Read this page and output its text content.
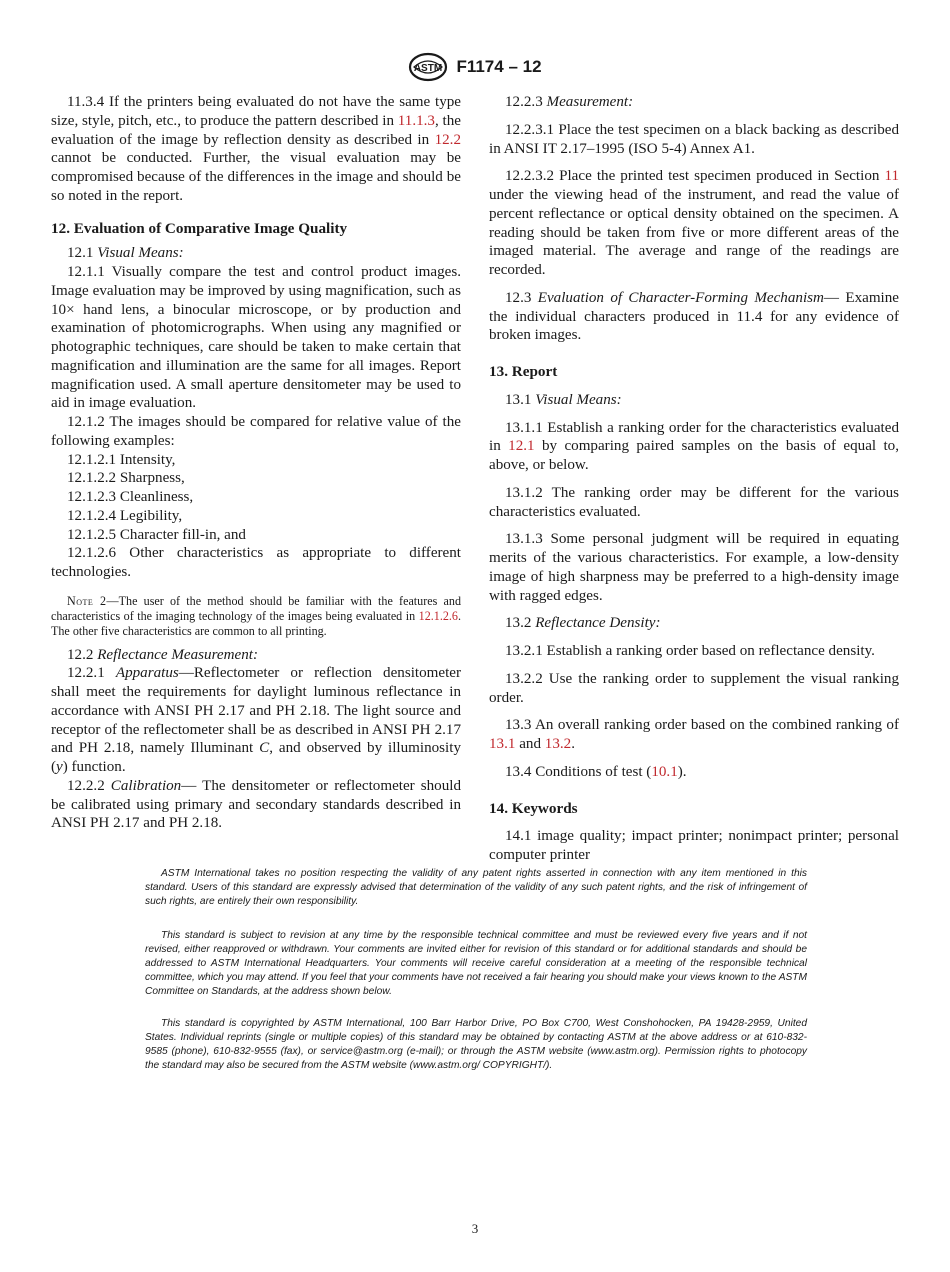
ASTM F1174 – 12

11.3.4 If the printers being evaluated do not have the same type size, style, pitch, etc., to produce the pattern described in 11.1.3, the evaluation of the image by reflection density as described in 12.2 cannot be conducted. Further, the visual evaluation may be compromised because of the differences in the image and should be so noted in the report.

12. Evaluation of Comparative Image Quality

12.1 Visual Means:

12.1.1 Visually compare the test and control product images. Image evaluation may be improved by using magnification, such as 10× hand lens, a binocular microscope, or by production and examination of photomicrographs. When using any magnified or photographic techniques, care should be taken to make certain that magnification and illumination are the same for all images. Report magnification used. A small aperture densitometer may be used to aid in image evaluation.

12.1.2 The images should be compared for relative value of the following examples:

12.1.2.1 Intensity,

12.1.2.2 Sharpness,

12.1.2.3 Cleanliness,

12.1.2.4 Legibility,

12.1.2.5 Character fill-in, and

12.1.2.6 Other characteristics as appropriate to different technologies.

Note 2—The user of the method should be familiar with the features and characteristics of the imaging technology of the images being evaluated in 12.1.2.6. The other five characteristics are common to all printing.

12.2 Reflectance Measurement:

12.2.1 Apparatus—Reflectometer or reflection densitometer shall meet the requirements for daylight luminous reflectance in accordance with ANSI PH 2.17 and PH 2.18. The light source and receptor of the reflectometer shall be as described in ANSI PH 2.17 and PH 2.18, namely Illuminant C, and observed by illuminosity (y) function.

12.2.2 Calibration— The densitometer or reflectometer should be calibrated using primary and secondary standards described in ANSI PH 2.17 and PH 2.18.

12.2.3 Measurement:

12.2.3.1 Place the test specimen on a black backing as described in ANSI IT 2.17–1995 (ISO 5-4) Annex A1.

12.2.3.2 Place the printed test specimen produced in Section 11 under the viewing head of the instrument, and read the value of percent reflectance or optical density obtained on the specimen. A reading should be taken from five or more different areas of the imaged material. The average and range of the readings are recorded.

12.3 Evaluation of Character-Forming Mechanism— Examine the individual characters produced in 11.4 for any evidence of broken images.

13. Report

13.1 Visual Means:

13.1.1 Establish a ranking order for the characteristics evaluated in 12.1 by comparing paired samples on the basis of equal to, above, or below.

13.1.2 The ranking order may be different for the various characteristics evaluated.

13.1.3 Some personal judgment will be required in equating merits of the various characteristics. For example, a low-density image of high sharpness may be preferred to a high-density image with ragged edges.

13.2 Reflectance Density:

13.2.1 Establish a ranking order based on reflectance density.

13.2.2 Use the ranking order to supplement the visual ranking order.

13.3 An overall ranking order based on the combined ranking of 13.1 and 13.2.

13.4 Conditions of test (10.1).

14. Keywords

14.1 image quality; impact printer; nonimpact printer; personal computer printer

ASTM International takes no position respecting the validity of any patent rights asserted in connection with any item mentioned in this standard. Users of this standard are expressly advised that determination of the validity of any such patent rights, and the risk of infringement of such rights, are entirely their own responsibility.
This standard is subject to revision at any time by the responsible technical committee and must be reviewed every five years and if not revised, either reapproved or withdrawn. Your comments are invited either for revision of this standard or for additional standards and should be addressed to ASTM International Headquarters. Your comments will receive careful consideration at a meeting of the responsible technical committee, which you may attend. If you feel that your comments have not received a fair hearing you should make your views known to the ASTM Committee on Standards, at the address shown below.
This standard is copyrighted by ASTM International, 100 Barr Harbor Drive, PO Box C700, West Conshohocken, PA 19428-2959, United States. Individual reprints (single or multiple copies) of this standard may be obtained by contacting ASTM at the above address or at 610-832-9585 (phone), 610-832-9555 (fax), or service@astm.org (e-mail); or through the ASTM website (www.astm.org). Permission rights to photocopy the standard may also be secured from the ASTM website (www.astm.org/ COPYRIGHT/).
3
